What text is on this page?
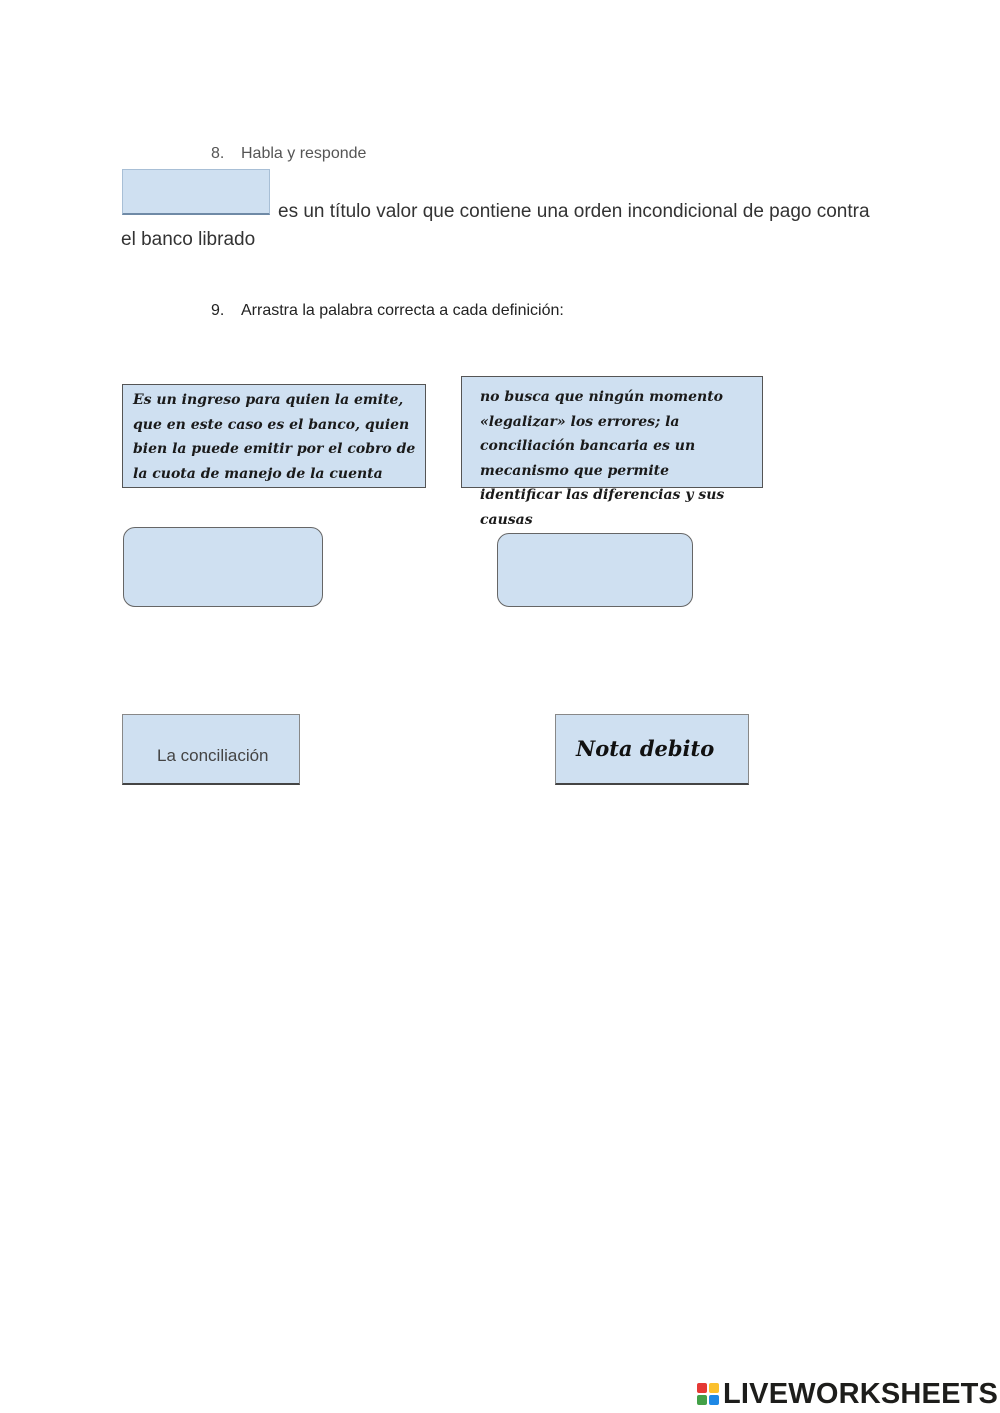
8. Habla y responde
es un título valor que contiene una orden incondicional de pago contra el banco librado
9. Arrastra la palabra correcta a cada definición:
Es un ingreso para quien la emite, que en este caso es el banco, quien bien la puede emitir por el cobro de la cuota de manejo de la cuenta
no busca que ningún momento «legalizar» los errores; la conciliación bancaria es un mecanismo que permite identificar las diferencias y sus causas
La conciliación	Nota debito
LIVEWORKSHEETS
